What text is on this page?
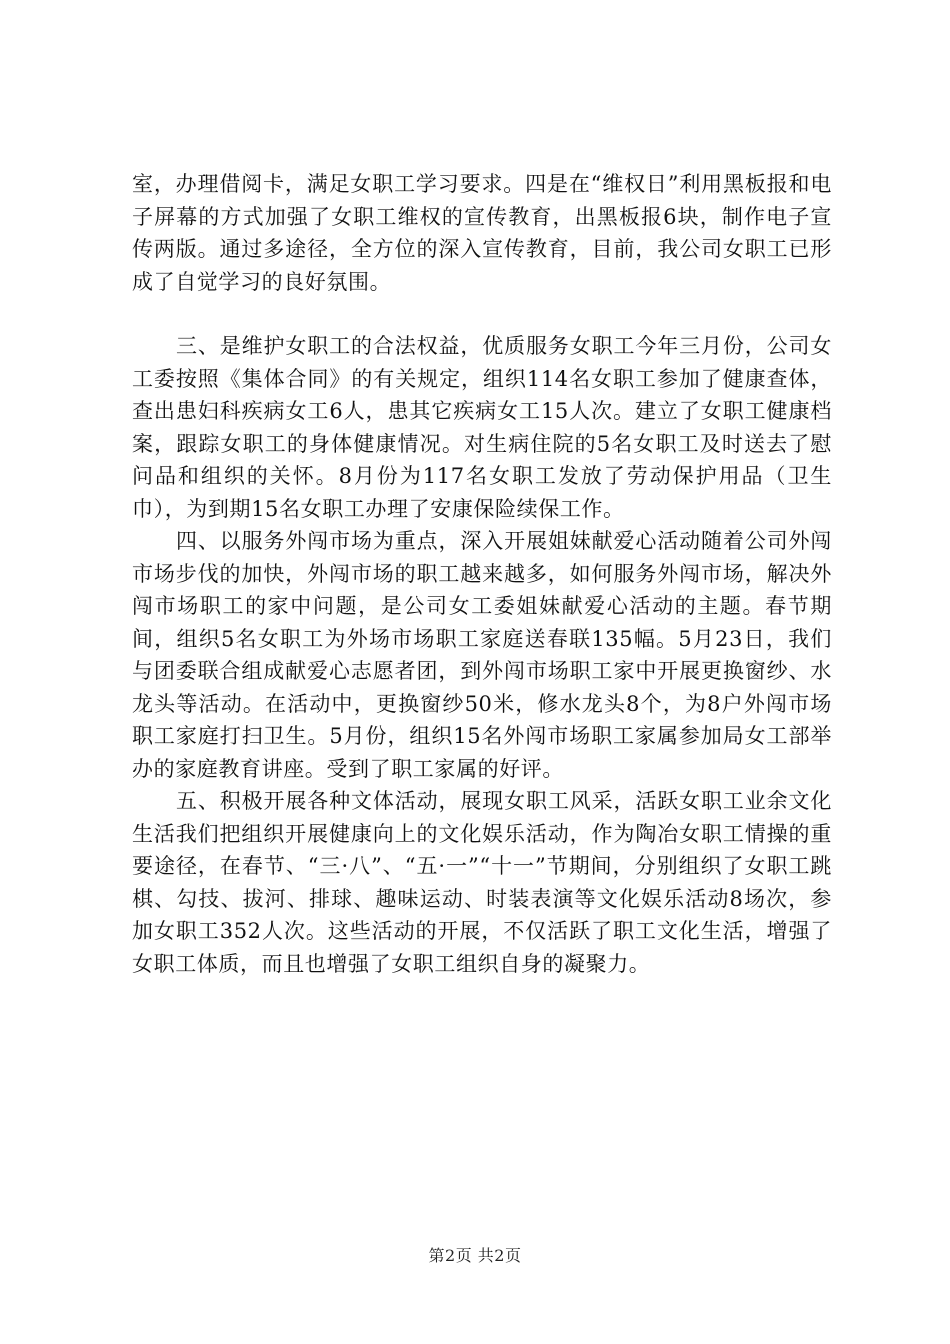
室，办理借阅卡，满足女职工学习要求。四是在“维权日”利用黑板报和电子屏幕的方式加强了女职工维权的宣传教育，出黑板报6块，制作电子宣传两版。通过多途径，全方位的深入宣传教育，目前，我公司女职工已形成了自觉学习的良好氛围。

三、是维护女职工的合法权益，优质服务女职工今年三月份，公司女工委按照《集体合同》的有关规定，组织114名女职工参加了健康查体，查出患妇科疾病女工6人，患其它疾病女工15人次。建立了女职工健康档案，跟踪女职工的身体健康情况。对生病住院的5名女职工及时送去了慰问品和组织的关怀。8月份为117名女职工发放了劳动保护用品（卫生巾），为到期15名女职工办理了安康保险续保工作。

四、以服务外闯市场为重点，深入开展姐妹献爱心活动随着公司外闯市场步伐的加快，外闯市场的职工越来越多，如何服务外闯市场，解决外闯市场职工的家中问题，是公司女工委姐妹献爱心活动的主题。春节期间，组织5名女职工为外场市场职工家庭送春联135幅。5月23日，我们与团委联合组成献爱心志愿者团，到外闯市场职工家中开展更换窗纱、水龙头等活动。在活动中，更换窗纱50米，修水龙头8个，为8户外闯市场职工家庭打扫卫生。5月份，组织15名外闯市场职工家属参加局女工部举办的家庭教育讲座。受到了职工家属的好评。

五、积极开展各种文体活动，展现女职工风采，活跃女职工业余文化生活我们把组织开展健康向上的文化娱乐活动，作为陶冶女职工情操的重要途径，在春节、“三·八”、“五·一”“十一”节期间，分别组织了女职工跳棋、勾技、拔河、排球、趣味运动、时装表演等文化娱乐活动8场次，参加女职工352人次。这些活动的开展，不仅活跃了职工文化生活，增强了女职工体质，而且也增强了女职工组织自身的凝聚力。

第2页 共2页
